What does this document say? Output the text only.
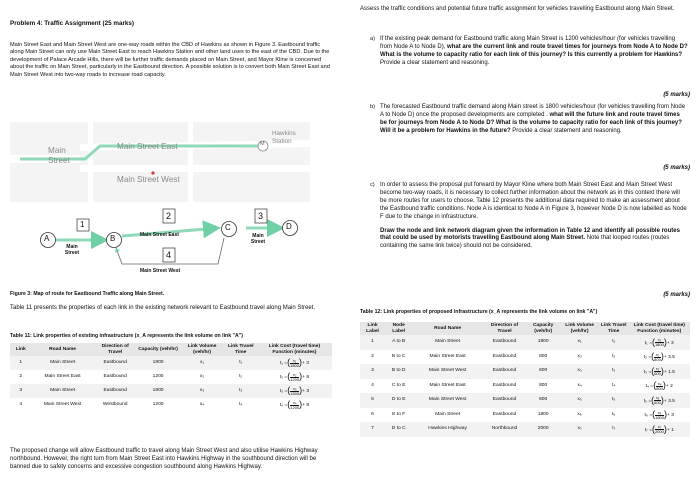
Problem 4: Traffic Assignment (25 marks)

Main Street East and Main Street West are one-way roads within the CBD of Hawkins as shown in Figure 3. Eastbound traffic along Main Street can only use Main Street East to reach Hawkins Station and other land uses to the east of the CBD. Due to the development of Palace Arcade Hills, there will be further traffic demands placed on Main Street, and Mayor Kline is concerned about the traffic on Main Street, particularly in the Eastbound direction. A possible solution is to convert both Main Street East and Main Street West into two-way roads to increase road capacity.

M
Main Street
Main Street East
Main Street West
Hawkins Station
A	B
C	D
1
2	3
4
Main Street
Main Street
Main Street East
Main Street West
Figure 3: Map of route for Eastbound Traffic along Main Street.

Table 11 presents the properties of each link in the existing network relevant to Eastbound travel along Main Street.

Table 11: Link properties of existing infrastructure (x_A represents the link volume on link "A")
Link	Road Name	Direction of Travel	Capacity (veh/hr)	Link Volume (veh/hr)	Link Travel Time	Link Cost (travel time) Function (minutes)
1	Main Street	Eastbound	1800	x₁	t₁	t₁ =( $\frac{\text{x₁}}{1800}$ )+ 3
2	Main Street East	Eastbound	1200	x₂	t₂	t₂ =( $\frac{\text{x₂}}{1200}$ )+ 8
3	Main Street	Eastbound	1800	x₃	t₃	t₃ =( $\frac{\text{x₃}}{1800}$ )+ 3
4	Main Street West	Westbound	1200	x₄	t₄	t₄ =( $\frac{\text{x₄}}{1200}$ )+ 8

The proposed change will allow Eastbound traffic to travel along Main Street West and also utilise Hawkins Highway northbound. However, the right turn from Main Street East into Hawkins Highway in the southbound direction will be banned due to safety concerns and excessive congestion southbound along Hawkins Highway.

Assess the traffic conditions and potential future traffic assignment for vehicles travelling Eastbound along Main Street.

a) If the existing peak demand for Eastbound traffic along Main Street is 1200 vehicles/hour (for vehicles travelling from Node A to Node D), what are the current link and route travel times for journeys from Node A to Node D? What is the volume to capacity ratio for each link of this journey? Is this currently a problem for Hawkins? Provide a clear statement and reasoning.

(5 marks)
b) The forecasted Eastbound traffic demand along Main street is 1800 vehicles/hour (for vehicles travelling from Node A to Node D) once the proposed developments are completed . what will the future link and route travel times be for journeys from Node A to Node D? What is the volume to capacity ratio for each link of this journey? Will it be a problem for Hawkins in the future? Provide a clear statement and reasoning.

(5 marks)
c) In order to assess the proposal put forward by Mayor Kline where both Main Street East and Main Street West become two-way roads, it is necessary to collect further information about the network as in this context there will be more routes for users to choose. Table 12 presents the additional data required to make an assessment about the Eastbound traffic conditions. Node A is identical to Node A in Figure 3, however Node D is now labelled as Node F due to the change in infrastructure.

Draw the node and link network diagram given the information in Table 12 and identify all possible routes that could be used by motorists travelling Eastbound along Main Street. Note that looped routes (routes containing the same link twice) should not be considered.

(5 marks)
Table 12: Link properties of proposed infrastructure (x_A represents the link volume on link "A")
Link Label	Node Label	Road Name	Direction of Travel	Capacity (veh/hr)	Link Volume (veh/hr)	Link Travel Time	Link Cost (travel time) Function (minutes)
1	A to B	Main Street	Eastbound	1800	x₁	t₁	t₁ =( $\frac{\text{x₁}}{1800}$ )+ 3
2	B to C	Main Street East	Eastbound	800	x₂	t₂	t₂ =( $\frac{\text{x₂}}{800}$ )+ 3.5
3	B to D	Main Street West	Eastbound	600	x₃	t₃	t₃ =( $\frac{\text{x₃}}{600}$ )+ 1.5
4	C to E	Main Street East	Eastbound	800	x₄	t₄	t₄ =( $\frac{\text{x₄}}{800}$ )+ 2
5	D to E	Main Street West	Eastbound	600	x₅	t₅	t₅ =( $\frac{\text{x₅}}{600}$ )+ 3.5
6	E to F	Main Street	Eastbound	1800	x₆	t₆	t₆ =( $\frac{\text{x₆}}{1800}$ )+ 3
7	D to C	Hawkins Highway	Northbound	2000	x₇	t₇	t₇ =( $\frac{\text{x₇}}{2000}$ )+ 1
